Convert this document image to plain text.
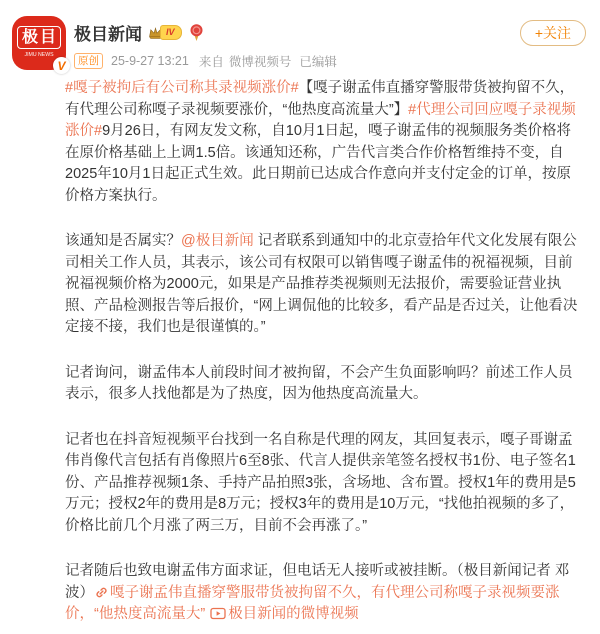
极目
JIMU NEWS
V
极目新闻	IV
原创 25-9-27 13:21 来自 微博视频号 已编辑
+关注

#嘎子被拘后有公司称其录视频涨价#【嘎子谢孟伟直播穿警服带货被拘留不久，有代理公司称嘎子录视频要涨价，“他热度高流量大”】#代理公司回应嘎子录视频涨价#9月26日，有网友发文称，自10月1日起，嘎子谢孟伟的视频服务类价格将在原价格基础上上调1.5倍。该通知还称，广告代言类合作价格暂维持不变，自2025年10月1日起正式生效。此日期前已达成合作意向并支付定金的订单，按原价格方案执行。

该通知是否属实？@极目新闻 记者联系到通知中的北京壹拾年代文化发展有限公司相关工作人员，其表示，该公司有权限可以销售嘎子谢孟伟的祝福视频，目前祝福视频价格为2000元，如果是产品推荐类视频则无法报价，需要验证营业执照、产品检测报告等后报价，“网上调侃他的比较多，看产品是否过关，让他看决定接不接，我们也是很谨慎的。”

记者询问，谢孟伟本人前段时间才被拘留，不会产生负面影响吗？前述工作人员表示，很多人找他都是为了热度，因为他热度高流量大。

记者也在抖音短视频平台找到一名自称是代理的网友，其回复表示，嘎子哥谢孟伟肖像代言包括有肖像照片6至8张、代言人提供亲笔签名授权书1份、电子签名1份、产品推荐视频1条、手持产品拍照3张，含场地、含布置。授权1年的费用是5万元；授权2年的费用是8万元；授权3年的费用是10万元，“找他拍视频的多了，价格比前几个月涨了两三万，目前不会再涨了。”

记者随后也致电谢孟伟方面求证，但电话无人接听或被挂断。（极目新闻记者 邓波） 嘎子谢孟伟直播穿警服带货被拘留不久，有代理公司称嘎子录视频要涨价，“他热度高流量大” 极目新闻的微博视频
